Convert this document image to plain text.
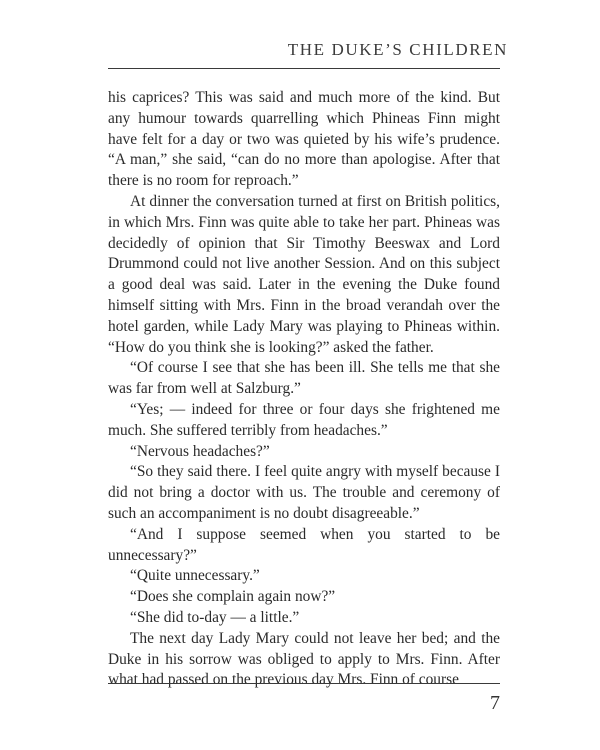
THE DUKE’S CHILDREN

his caprices? This was said and much more of the kind. But any humour towards quarrelling which Phineas Finn might have felt for a day or two was quieted by his wife’s prudence. “A man,” she said, “can do no more than apologise. After that there is no room for reproach.”

At dinner the conversation turned at first on British politics, in which Mrs. Finn was quite able to take her part. Phineas was decidedly of opinion that Sir Timothy Beeswax and Lord Drummond could not live another Session. And on this subject a good deal was said. Later in the evening the Duke found himself sitting with Mrs. Finn in the broad verandah over the hotel garden, while Lady Mary was playing to Phineas within. “How do you think she is looking?” asked the father.

“Of course I see that she has been ill. She tells me that she was far from well at Salzburg.”

“Yes; — indeed for three or four days she frightened me much. She suffered terribly from headaches.”

“Nervous headaches?”

“So they said there. I feel quite angry with myself because I did not bring a doctor with us. The trouble and ceremony of such an accompaniment is no doubt disagreeable.”

“And I suppose seemed when you started to be unnecessary?”

“Quite unnecessary.”

“Does she complain again now?”

“She did to-day — a little.”

The next day Lady Mary could not leave her bed; and the Duke in his sorrow was obliged to apply to Mrs. Finn. After what had passed on the previous day Mrs. Finn of course

7
